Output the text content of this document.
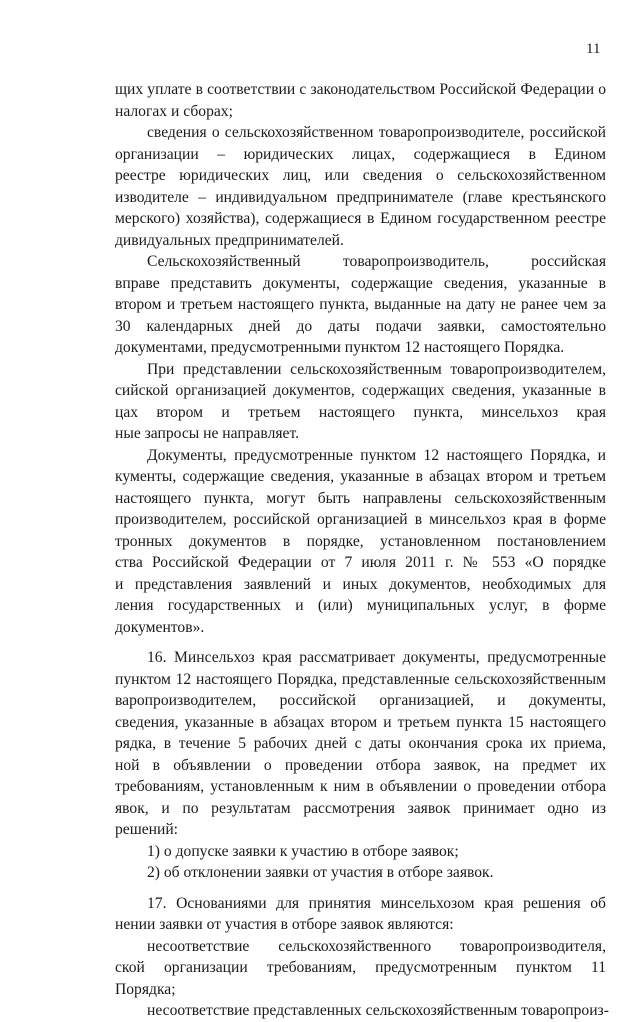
11
щих уплате в соответствии с законодательством Российской Федерации о
налогах и сборах;
сведения о сельскохозяйственном товаропроизводителе, российской
организации – юридических лицах, содержащиеся в Едином
реестре юридических лиц, или сведения о сельскохозяйственном
изводителе – индивидуальном предпринимателе (главе крестьянского
мерского) хозяйства), содержащиеся в Едином государственном реестре
дивидуальных предпринимателей.
Сельскохозяйственный товаропроизводитель, российская
вправе представить документы, содержащие сведения, указанные в
втором и третьем настоящего пункта, выданные на дату не ранее чем за
30 календарных дней до даты подачи заявки, самостоятельно
документами, предусмотренными пунктом 12 настоящего Порядка.
При представлении сельскохозяйственным товаропроизводителем,
сийской организацией документов, содержащих сведения, указанные в
цах втором и третьем настоящего пункта, минсельхоз края
ные запросы не направляет.
Документы, предусмотренные пунктом 12 настоящего Порядка, и
кументы, содержащие сведения, указанные в абзацах втором и третьем
настоящего пункта, могут быть направлены сельскохозяйственным
производителем, российской организацией в минсельхоз края в форме
тронных документов в порядке, установленном постановлением
ства Российской Федерации от 7 июля 2011 г. № 553 «О порядке
и представления заявлений и иных документов, необходимых для
ления государственных и (или) муниципальных услуг, в форме
документов».
16. Минсельхоз края рассматривает документы, предусмотренные
пунктом 12 настоящего Порядка, представленные сельскохозяйственным
варопроизводителем, российской организацией, и документы,
сведения, указанные в абзацах втором и третьем пункта 15 настоящего
рядка, в течение 5 рабочих дней с даты окончания срока их приема,
ной в объявлении о проведении отбора заявок, на предмет их
требованиям, установленным к ним в объявлении о проведении отбора
явок, и по результатам рассмотрения заявок принимает одно из
решений:
1) о допуске заявки к участию в отборе заявок;
2) об отклонении заявки от участия в отборе заявок.
17. Основаниями для принятия минсельхозом края решения об
нении заявки от участия в отборе заявок являются:
несоответствие сельскохозяйственного товаропроизводителя,
ской организации требованиям, предусмотренным пунктом 11
Порядка;
несоответствие представленных сельскохозяйственным товаропроиз-
